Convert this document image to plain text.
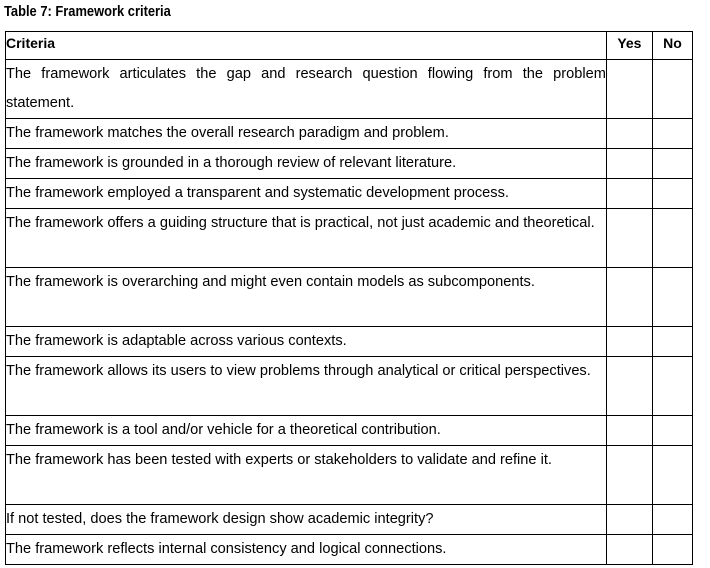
Table 7: Framework criteria
Criteria	Yes	No
The framework articulates the gap and research question flowing from the problem statement.		
The framework matches the overall research paradigm and problem.		
The framework is grounded in a thorough review of relevant literature.		
The framework employed a transparent and systematic development process.		
The framework offers a guiding structure that is practical, not just academic and theoretical.		
The framework is overarching and might even contain models as subcomponents.		
The framework is adaptable across various contexts.		
The framework allows its users to view problems through analytical or critical perspectives.		
The framework is a tool and/or vehicle for a theoretical contribution.		
The framework has been tested with experts or stakeholders to validate and refine it.		
If not tested, does the framework design show academic integrity?		
The framework reflects internal consistency and logical connections.		
